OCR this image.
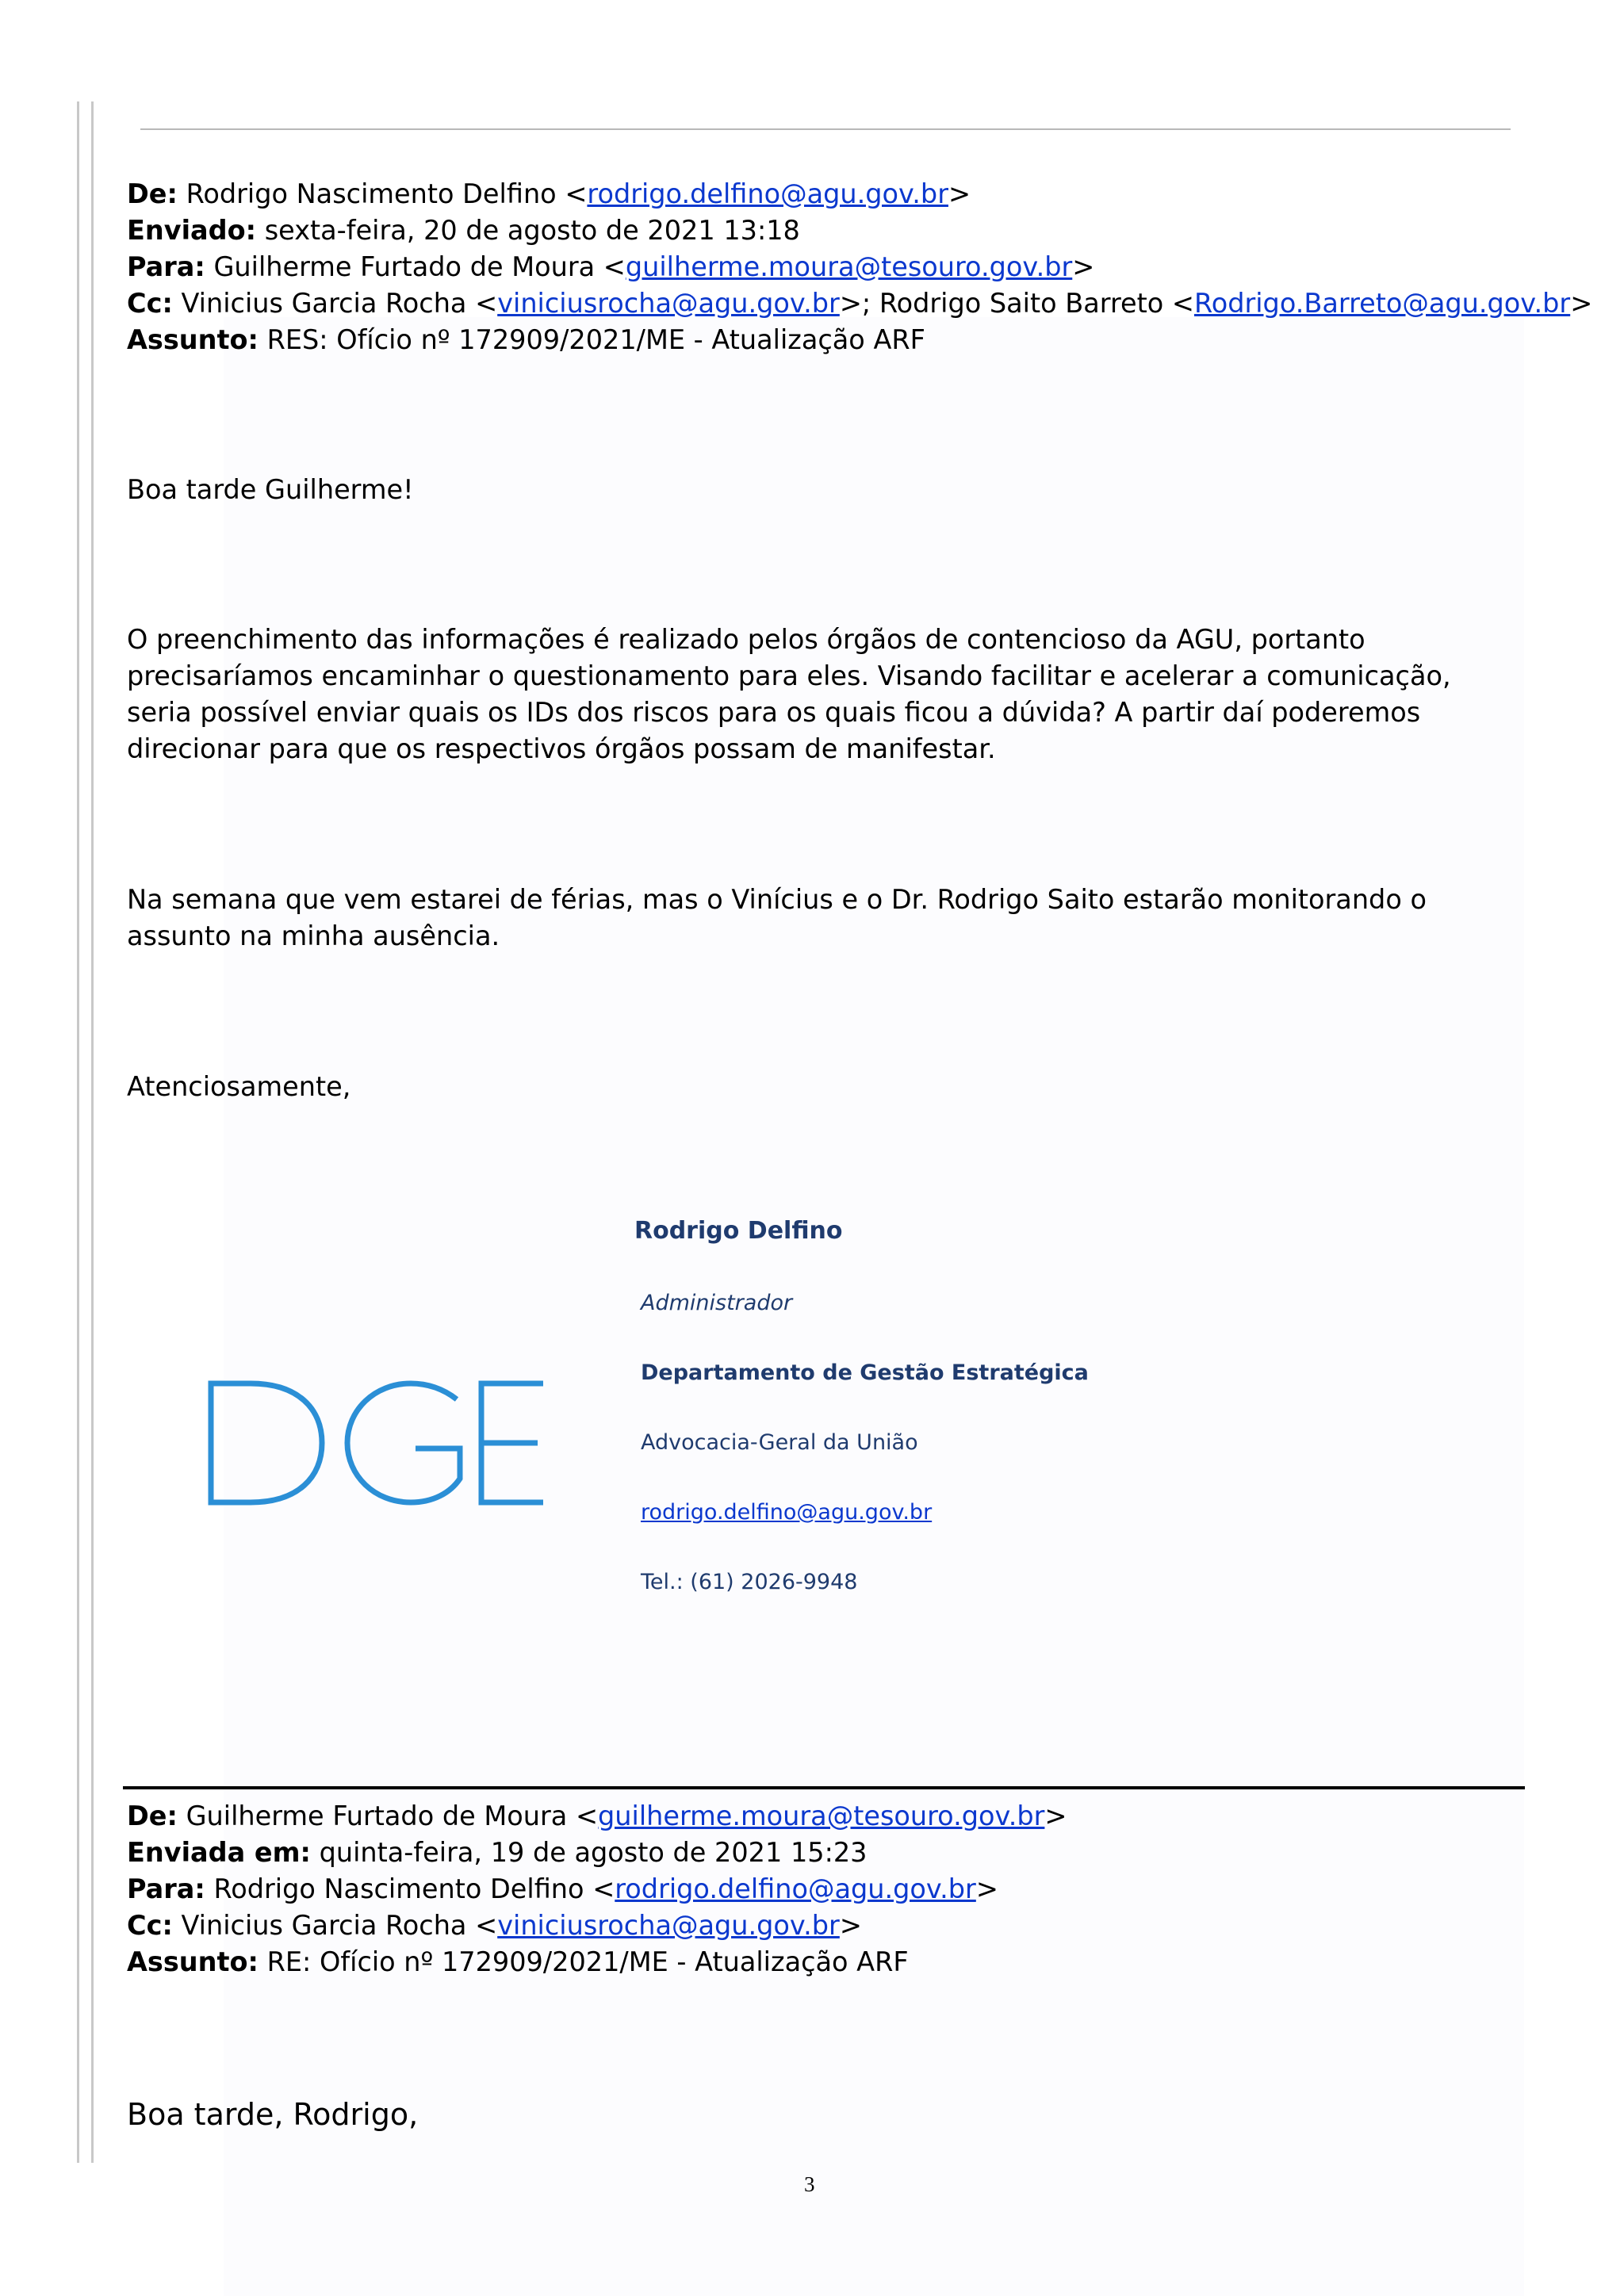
De: Rodrigo Nascimento Delfino <rodrigo.delfino@agu.gov.br>
Enviado: sexta-feira, 20 de agosto de 2021 13:18
Para: Guilherme Furtado de Moura <guilherme.moura@tesouro.gov.br>
Cc: Vinicius Garcia Rocha <viniciusrocha@agu.gov.br>; Rodrigo Saito Barreto <Rodrigo.Barreto@agu.gov.br>
Assunto: RES: Ofício nº 172909/2021/ME - Atualização ARF
Boa tarde Guilherme!
O preenchimento das informações é realizado pelos órgãos de contencioso da AGU, portanto precisaríamos encaminhar o questionamento para eles. Visando facilitar e acelerar a comunicação, seria possível enviar quais os IDs dos riscos para os quais ficou a dúvida? A partir daí poderemos direcionar para que os respectivos órgãos possam de manifestar.
Na semana que vem estarei de férias, mas o Vinícius e o Dr. Rodrigo Saito estarão monitorando o assunto na minha ausência.
Atenciosamente,
DGE
Rodrigo Delfino
Administrador
Departamento de Gestão Estratégica
Advocacia-Geral da União
rodrigo.delfino@agu.gov.br
Tel.: (61) 2026-9948
De: Guilherme Furtado de Moura <guilherme.moura@tesouro.gov.br>
Enviada em: quinta-feira, 19 de agosto de 2021 15:23
Para: Rodrigo Nascimento Delfino <rodrigo.delfino@agu.gov.br>
Cc: Vinicius Garcia Rocha <viniciusrocha@agu.gov.br>
Assunto: RE: Ofício nº 172909/2021/ME - Atualização ARF
Boa tarde, Rodrigo,
3
